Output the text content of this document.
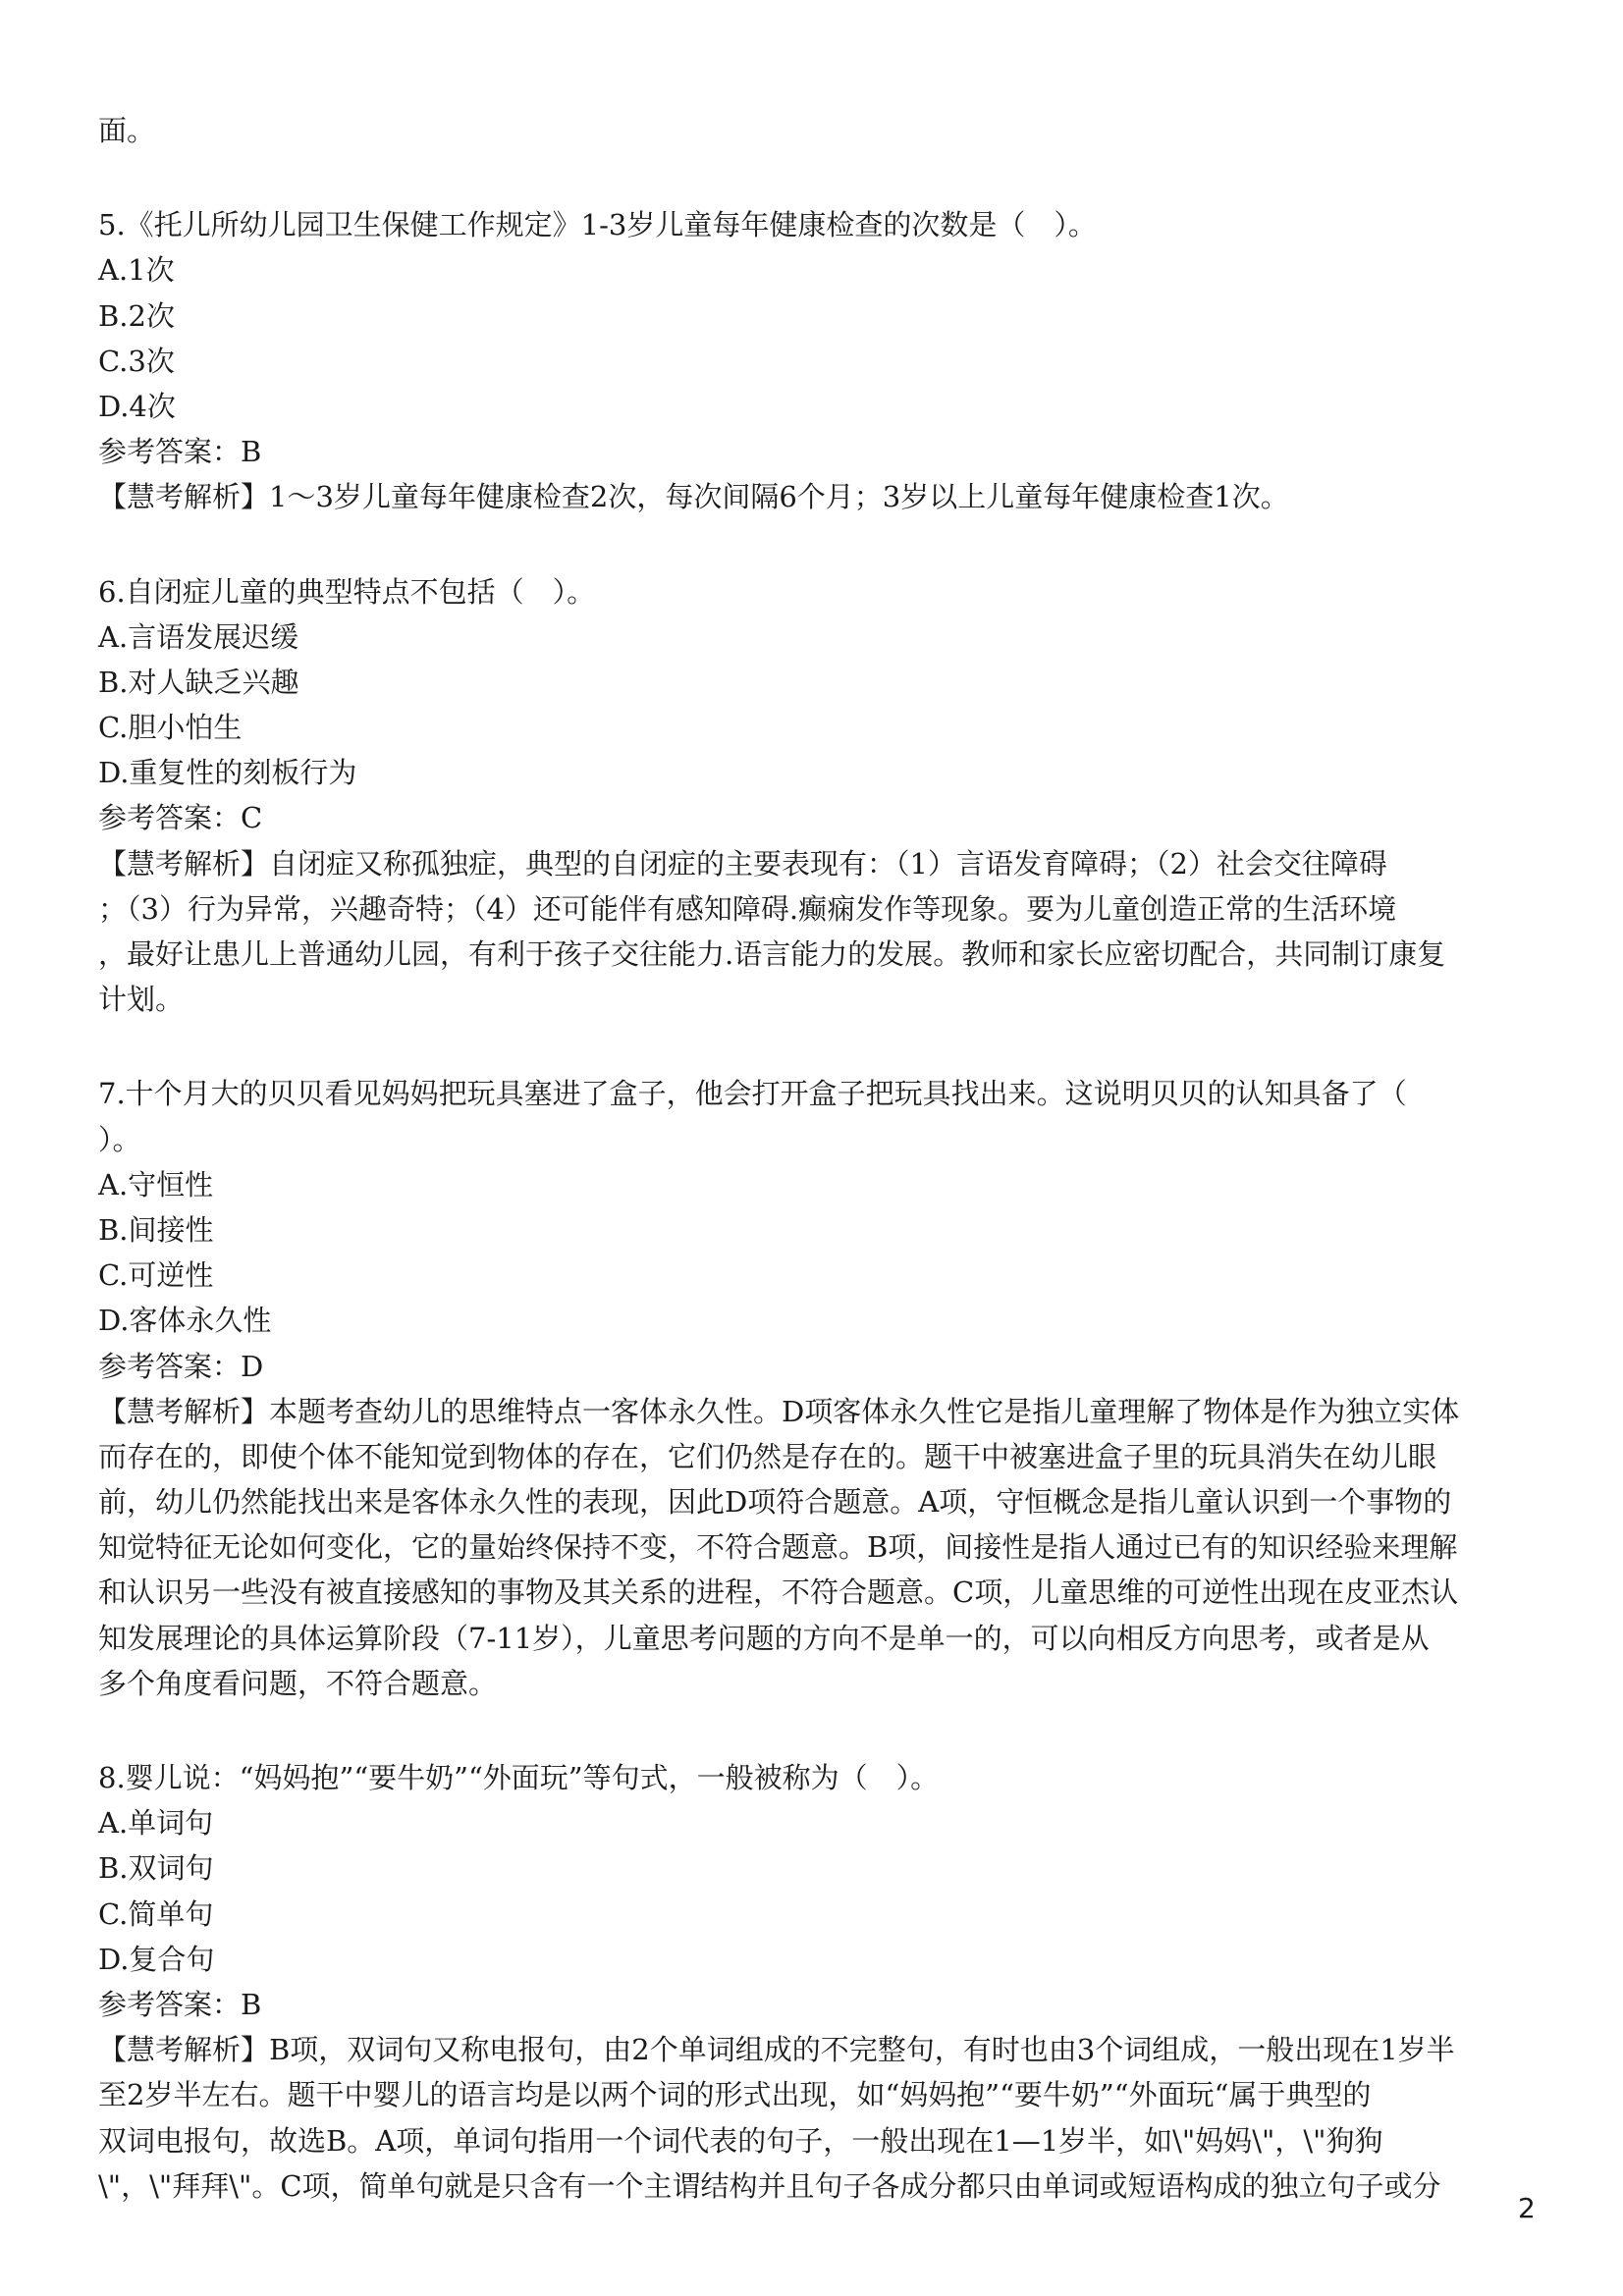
面。
5.《托儿所幼儿园卫生保健工作规定》1-3岁儿童每年健康检查的次数是（　）。
A.1次
B.2次
C.3次
D.4次
参考答案：B
【慧考解析】1～3岁儿童每年健康检查2次，每次间隔6个月；3岁以上儿童每年健康检查1次。
6.自闭症儿童的典型特点不包括（　）。
A.言语发展迟缓
B.对人缺乏兴趣
C.胆小怕生
D.重复性的刻板行为
参考答案：C
【慧考解析】自闭症又称孤独症，典型的自闭症的主要表现有：（1）言语发育障碍；（2）社会交往障碍
；（3）行为异常，兴趣奇特；（4）还可能伴有感知障碍.癫痫发作等现象。要为儿童创造正常的生活环境
，最好让患儿上普通幼儿园，有利于孩子交往能力.语言能力的发展。教师和家长应密切配合，共同制订康复
计划。
7.十个月大的贝贝看见妈妈把玩具塞进了盒子，他会打开盒子把玩具找出来。这说明贝贝的认知具备了（
）。
A.守恒性
B.间接性
C.可逆性
D.客体永久性
参考答案：D
【慧考解析】本题考查幼儿的思维特点一客体永久性。D项客体永久性它是指儿童理解了物体是作为独立实体
而存在的，即使个体不能知觉到物体的存在，它们仍然是存在的。题干中被塞进盒子里的玩具消失在幼儿眼
前，幼儿仍然能找出来是客体永久性的表现，因此D项符合题意。A项，守恒概念是指儿童认识到一个事物的
知觉特征无论如何变化，它的量始终保持不变，不符合题意。B项，间接性是指人通过已有的知识经验来理解
和认识另一些没有被直接感知的事物及其关系的进程，不符合题意。C项，儿童思维的可逆性出现在皮亚杰认
知发展理论的具体运算阶段（7-11岁），儿童思考问题的方向不是单一的，可以向相反方向思考，或者是从
多个角度看问题，不符合题意。
8.婴儿说：“妈妈抱”“要牛奶”“外面玩”等句式，一般被称为（　）。
A.单词句
B.双词句
C.简单句
D.复合句
参考答案：B
【慧考解析】B项，双词句又称电报句，由2个单词组成的不完整句，有时也由3个词组成，一般出现在1岁半
至2岁半左右。题干中婴儿的语言均是以两个词的形式出现，如“妈妈抱”“要牛奶”“外面玩“属于典型的
双词电报句，故选B。A项，单词句指用一个词代表的句子，一般出现在1—1岁半，如\"妈妈\"，\"狗狗
\"，\"拜拜\"。C项，简单句就是只含有一个主谓结构并且句子各成分都只由单词或短语构成的独立句子或分
2
